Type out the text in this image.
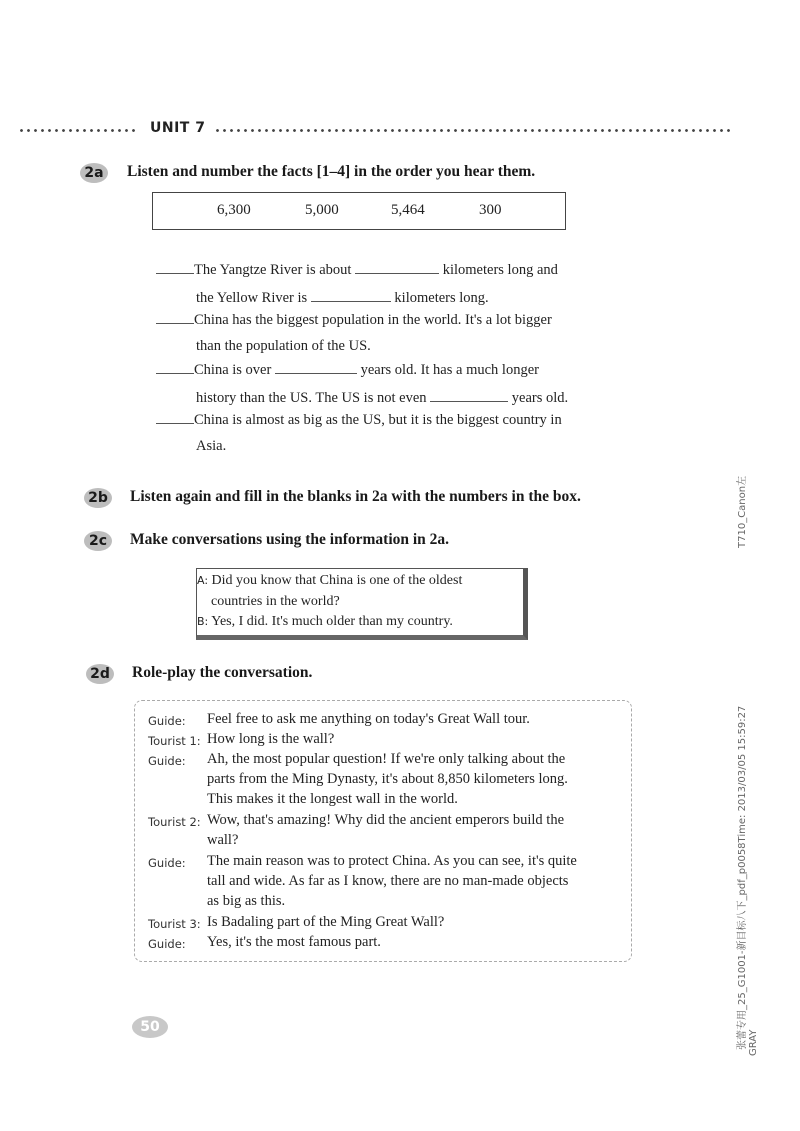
UNIT 7
2a Listen and number the facts [1–4] in the order you hear them.
6,300	5,000	5,464	300
The Yangtze River is about	kilometers long and
the Yellow River is	kilometers long.
China has the biggest population in the world. It's a lot bigger
than the population of the US.
China is over	years old. It has a much longer
history than the US. The US is not even	years old.
China is almost as big as the US, but it is the biggest country in
Asia.
2b Listen again and fill in the blanks in 2a with the numbers in the box.
2c	Make conversations using the information in 2a.
A: Did you know that China is one of the oldest
countries in the world?
B: Yes, I did. It's much older than my country.
2d Role-play the conversation.
Guide: Feel free to ask me anything on today's Great Wall tour.
Tourist 1: How long is the wall?
Guide: Ah, the most popular question! If we're only talking about the
parts from the Ming Dynasty, it's about 8,850 kilometers long.
This makes it the longest wall in the world.
Tourist 2: Wow, that's amazing! Why did the ancient emperors build the
wall?
Guide: The main reason was to protect China. As you can see, it's quite
tall and wide. As far as I know, there are no man-made objects
as big as this.
Tourist 3: Is Badaling part of the Ming Great Wall?
Guide: Yes, it's the most famous part.
50
T710_Canon左
张蕾专用_25_G1001-新目标八下_pdf_p0058Time: 2013/03/05 15:59:27 GRAY
